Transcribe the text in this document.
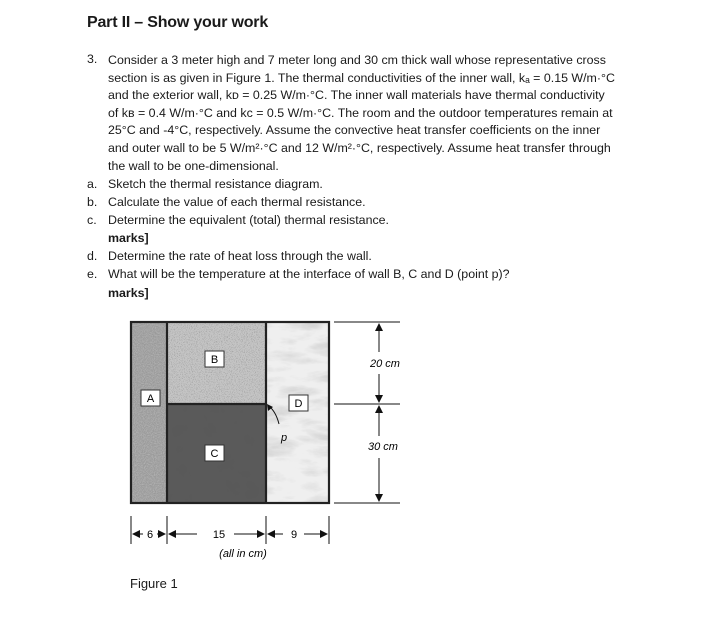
Part II – Show your work
3. Consider a 3 meter high and 7 meter long and 30 cm thick wall whose representative cross

section is as given in Figure 1. The thermal conductivities of the inner wall, kₐ = 0.15 W/m·°C

and the exterior wall, kᴅ = 0.25 W/m·°C. The inner wall materials have thermal conductivity

of kʙ = 0.4 W/m·°C and kᴄ = 0.5 W/m·°C. The room and the outdoor temperatures remain at

25°C and -4°C, respectively. Assume the convective heat transfer coefficients on the inner

and outer wall to be 5 W/m²·°C and 12 W/m²·°C, respectively. Assume heat transfer through

the wall to be one-dimensional.

a. Sketch the thermal resistance diagram.
b. Calculate the value of each thermal resistance.
c. Determine the equivalent (total) thermal resistance.
marks]
d. Determine the rate of heat loss through the wall.
e. What will be the temperature at the interface of wall B, C and D (point p)?
marks]
A
B
C
D
p
20 cm
30 cm
6	15	9
(all in cm)
Figure 1
